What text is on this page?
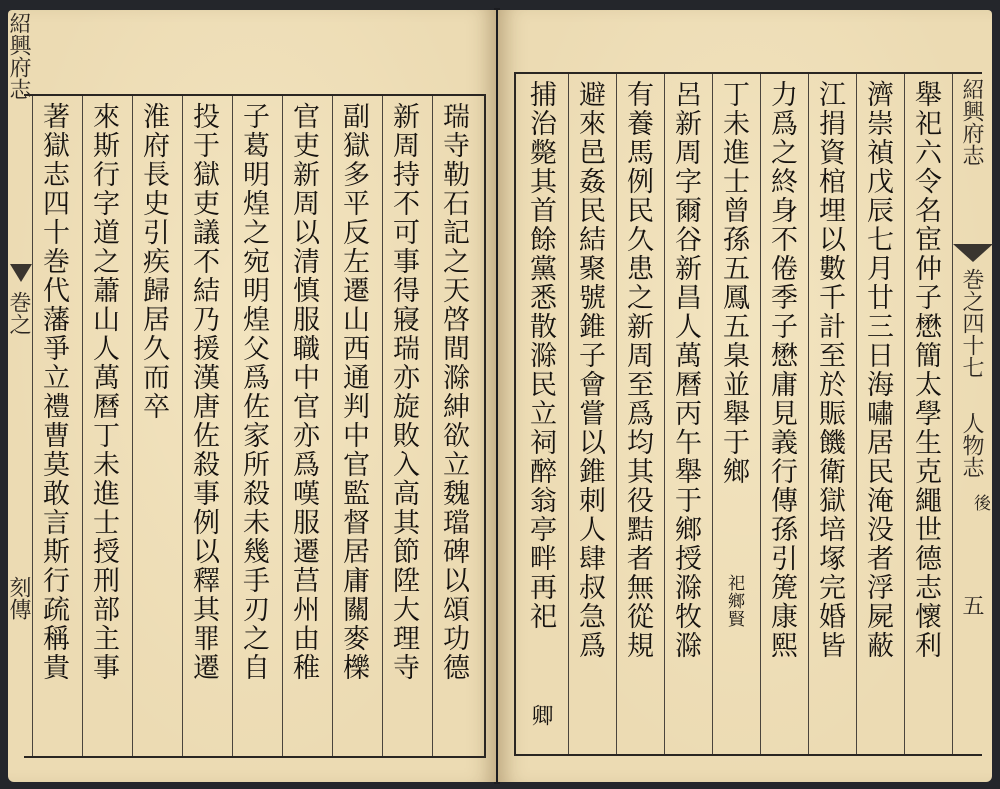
紹興府志
巻之
刻傳 著獄志四十巻代藩爭立禮曹莫敢言斯行疏稱貴 來斯行字道之蕭山人萬曆丁未進士授刑部主事 淮府長史引疾歸居久而卒 投于獄吏議不結乃援漢唐佐殺事例以釋其罪遷 子葛明煌之宛明煌父爲佐家所殺未幾手刃之自 官吏新周以清慎服職中官亦爲嘆服遷莒州由稚 副獄多平反左遷山西通判中官監督居庸關麥櫟 新周持不可事得寢瑞亦旋敗入高其節陞大理寺 瑞寺勒石記之天啓間滁紳欲立魏璫碑以頌功德 捕治斃其首餘黨悉散滁民立祠醉翁亭畔再祀
卿
避來邑姦民結聚號錐子會嘗以錐刺人肆叔急爲 有養馬例民久患之新周至爲均其役黠者無從規 呂新周字爾谷新昌人萬曆丙午舉于鄉授滁牧滁 丁未進士曾孫五鳳五臬並舉于鄉
祀鄉賢 力爲之終身不倦季子懋庸見義行傳孫引箎康熙 江捐資棺埋以數千計至於賑饑衛獄培塚完婚皆 濟崇禎戊辰七月廿三日海嘯居民淹没者浮屍蔽 舉祀六令名宦仲子懋簡太學生克繩世德志懷利 紹興府志
巻之四十七
人物志
後
五
